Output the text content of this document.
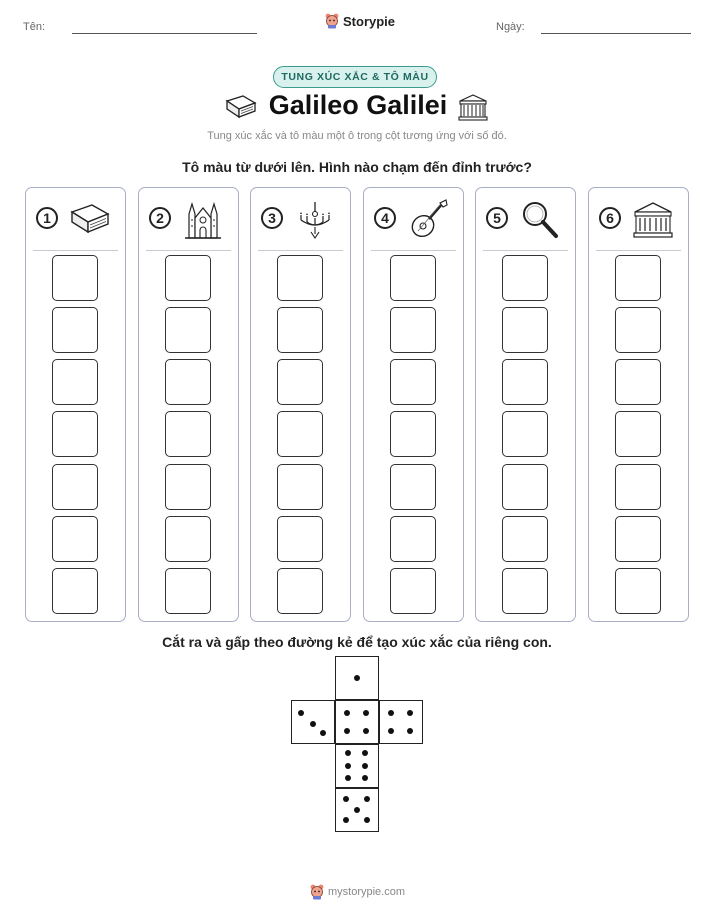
Tên:	Storypie	Ngày:
TUNG XÚC XẮC & TÔ MÀU
Galileo Galilei
Tung xúc xắc và tô màu một ô trong cột tương ứng với số đó.
Tô màu từ dưới lên. Hình nào chạm đến đỉnh trước?
1	2	3	4	5	6
Cắt ra và gấp theo đường kẻ để tạo xúc xắc của riêng con.
mystorypie.com
